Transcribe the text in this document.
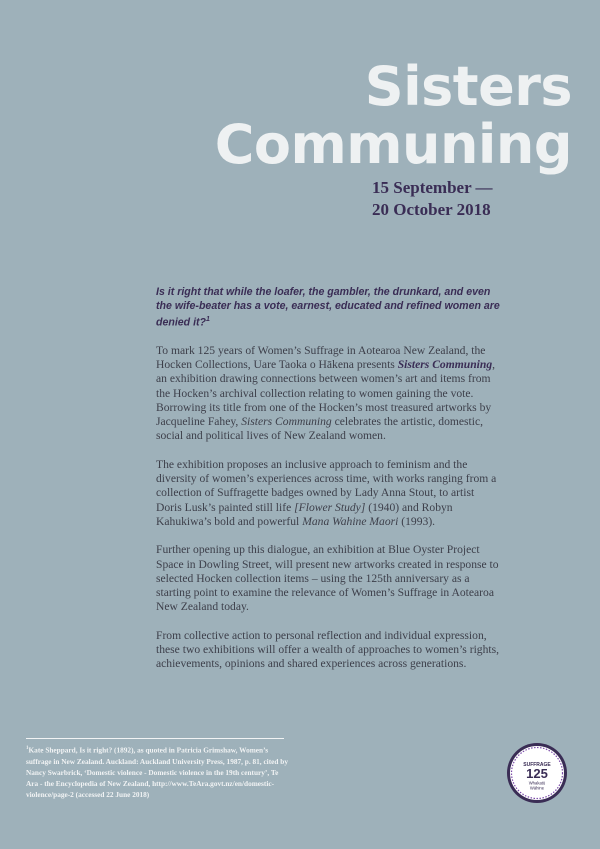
Sisters
Communing
15 September —
20 October 2018

Is it right that while the loafer, the gambler, the drunkard, and even the wife-beater has a vote, earnest, educated and refined women are denied it?$^1$

To mark 125 years of Women’s Suffrage in Aotearoa New Zealand, the Hocken Collections, Uare Taoka o Hākena presents Sisters Communing, an exhibition drawing connections between women’s art and items from the Hocken’s archival collection relating to women gaining the vote. Borrowing its title from one of the Hocken’s most treasured artworks by Jacqueline Fahey, Sisters Communing celebrates the artistic, domestic, social and political lives of New Zealand women.

The exhibition proposes an inclusive approach to feminism and the diversity of women’s experiences across time, with works ranging from a collection of Suffragette badges owned by Lady Anna Stout, to artist Doris Lusk’s painted still life [Flower Study] (1940) and Robyn Kahukiwa’s bold and powerful Mana Wahine Maori (1993).

Further opening up this dialogue, an exhibition at Blue Oyster Project Space in Dowling Street, will present new artworks created in response to selected Hocken collection items – using the 125th anniversary as a starting point to examine the relevance of Women’s Suffrage in Aotearoa New Zealand today.

From collective action to personal reflection and individual expression, these two exhibitions will offer a wealth of approaches to women’s rights, achievements, opinions and shared experiences across generations.

$^1$Kate Sheppard, Is it right? (1892), as quoted in Patricia Grimshaw, Women’s suffrage in New Zealand. Auckland: Auckland University Press, 1987, p. 81, cited by Nancy Swarbrick, ‘Domestic violence - Domestic violence in the 19th century’, Te Ara - the Encyclopedia of New Zealand, http://www.TeAra.govt.nz/en/domestic-violence/page-2 (accessed 22 June 2018)
SUFFRAGE
125
Whakatū
Wāhine
